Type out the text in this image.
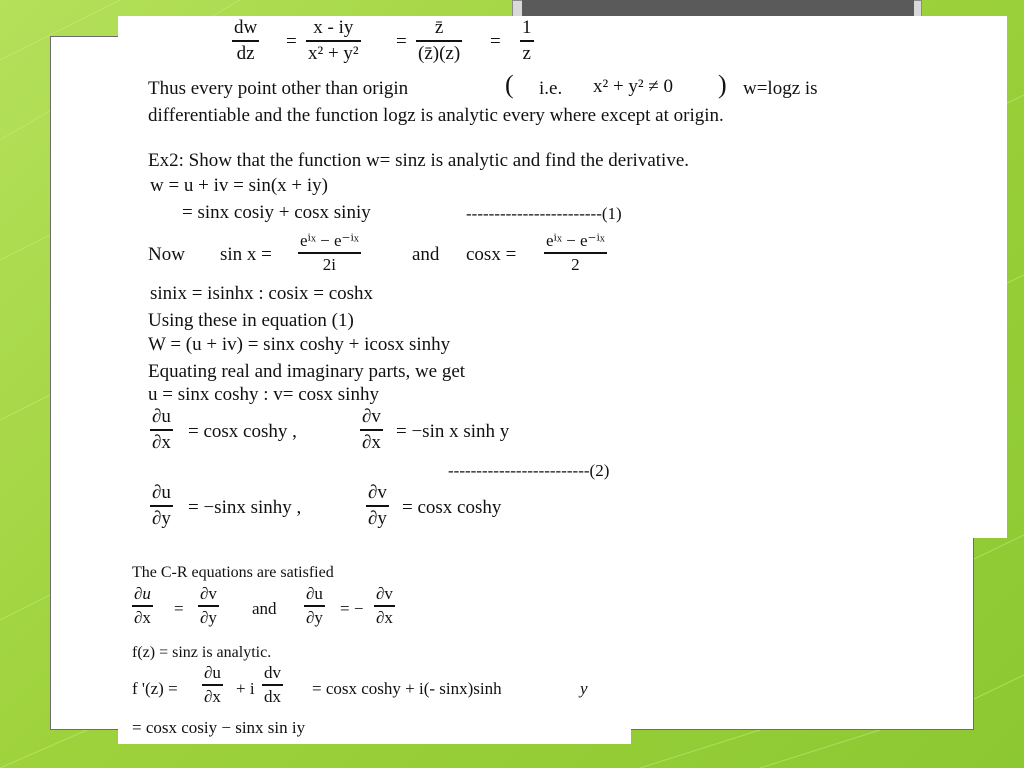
dw
dz
=
x - iy
x² + y²
=
z̄
(z̄)(z)
=
1
z
Thus every point other than origin	( i.e. x² + y² ≠ 0 ) w=logz is
differentiable and the function logz is analytic every where except at origin.
Ex2: Show that the function w= sinz is analytic and find the derivative.
w = u + iv = sin(x + iy)
= sinx cosiy + cosx siniy	------------------------(1)
Now sin x =
eⁱˣ − e⁻ⁱˣ
2i	and cosx =
eⁱˣ − e⁻ⁱˣ
2
sinix = isinhx : cosix = coshx
Using these in equation (1)
W = (u + iv) = sinx coshy + icosx sinhy
Equating real and imaginary parts, we get
u = sinx coshy : v= cosx sinhy
∂u
∂x = cosx coshy ,
∂v
∂x = −sin x sinh y
-------------------------(2)
∂u
∂y = −sinx sinhy ,
∂v
∂y = cosx coshy
The C-R equations are satisfied
∂u
∂x =
∂v
∂y and
∂u
∂y = −
∂v
∂x
f(z) = sinz is analytic.
f '(z) =
∂u
∂x + i
dv
dx = cosx coshy + i(- sinx)sinh	y
= cosx cosiy − sinx sin iy
